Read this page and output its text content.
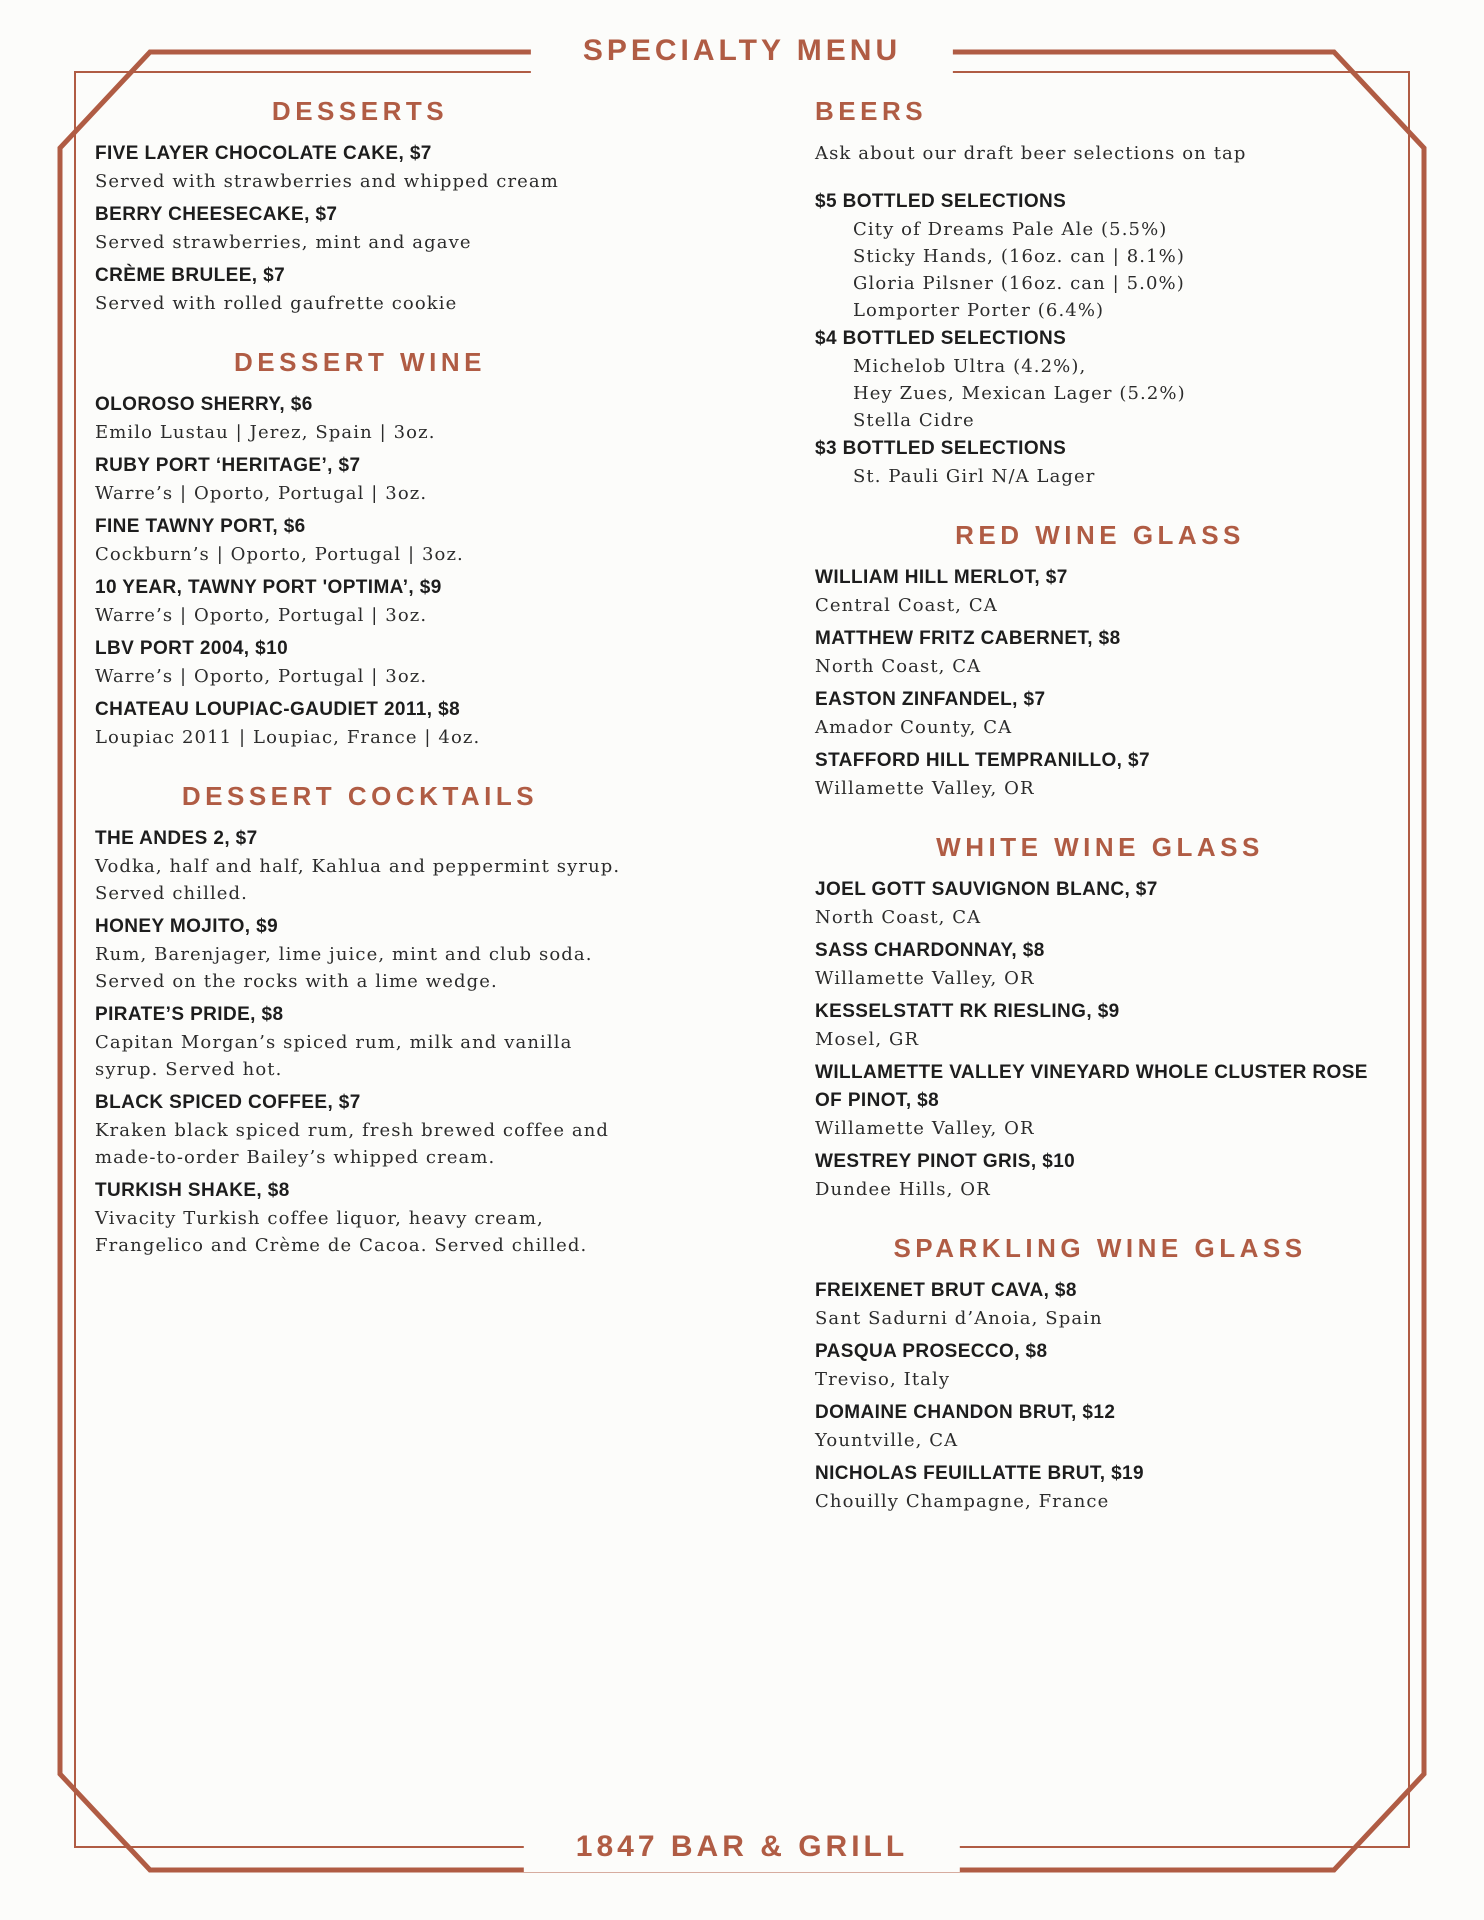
SPECIALTY MENU
DESSERTS
FIVE LAYER CHOCOLATE CAKE, $7
Served with strawberries and whipped cream
BERRY CHEESECAKE, $7
Served strawberries, mint and agave
CRÈME BRULEE, $7
Served with rolled gaufrette cookie
DESSERT WINE
OLOROSO SHERRY, $6
Emilo Lustau | Jerez, Spain | 3oz.
RUBY PORT ‘HERITAGE’, $7
Warre’s | Oporto, Portugal | 3oz.
FINE TAWNY PORT, $6
Cockburn’s | Oporto, Portugal | 3oz.
10 YEAR, TAWNY PORT 'OPTIMA’, $9
Warre’s | Oporto, Portugal | 3oz.
LBV PORT 2004, $10
Warre’s | Oporto, Portugal | 3oz.
CHATEAU LOUPIAC-GAUDIET 2011, $8
Loupiac 2011 | Loupiac, France | 4oz.
DESSERT COCKTAILS
THE ANDES 2, $7
Vodka, half and half, Kahlua and peppermint syrup. Served chilled.
HONEY MOJITO, $9
Rum, Barenjager, lime juice, mint and club soda. Served on the rocks with a lime wedge.
PIRATE’S PRIDE, $8
Capitan Morgan’s spiced rum, milk and vanilla syrup. Served hot.
BLACK SPICED COFFEE, $7
Kraken black spiced rum, fresh brewed coffee and made-to-order Bailey’s whipped cream.
TURKISH SHAKE, $8
Vivacity Turkish coffee liquor, heavy cream, Frangelico and Crème de Cacoa. Served chilled.
BEERS
Ask about our draft beer selections on tap
$5 BOTTLED SELECTIONS
City of Dreams Pale Ale (5.5%)
Sticky Hands, (16oz. can | 8.1%)
Gloria Pilsner (16oz. can | 5.0%)
Lomporter Porter (6.4%)
$4 BOTTLED SELECTIONS
Michelob Ultra (4.2%),
Hey Zues, Mexican Lager (5.2%)
Stella Cidre
$3 BOTTLED SELECTIONS
St. Pauli Girl N/A Lager
RED WINE GLASS
WILLIAM HILL MERLOT, $7
Central Coast, CA
MATTHEW FRITZ CABERNET, $8
North Coast, CA
EASTON ZINFANDEL, $7
Amador County, CA
STAFFORD HILL TEMPRANILLO, $7
Willamette Valley, OR
WHITE WINE GLASS
JOEL GOTT SAUVIGNON BLANC, $7
North Coast, CA
SASS CHARDONNAY, $8
Willamette Valley, OR
KESSELSTATT RK RIESLING, $9
Mosel, GR
WILLAMETTE VALLEY VINEYARD WHOLE CLUSTER ROSE OF PINOT, $8
Willamette Valley, OR
WESTREY PINOT GRIS, $10
Dundee Hills, OR
SPARKLING WINE GLASS
FREIXENET BRUT CAVA, $8
Sant Sadurni d’Anoia, Spain
PASQUA PROSECCO, $8
Treviso, Italy
DOMAINE CHANDON BRUT, $12
Yountville, CA
NICHOLAS FEUILLATTE BRUT, $19
Chouilly Champagne, France
1847 BAR & GRILL
